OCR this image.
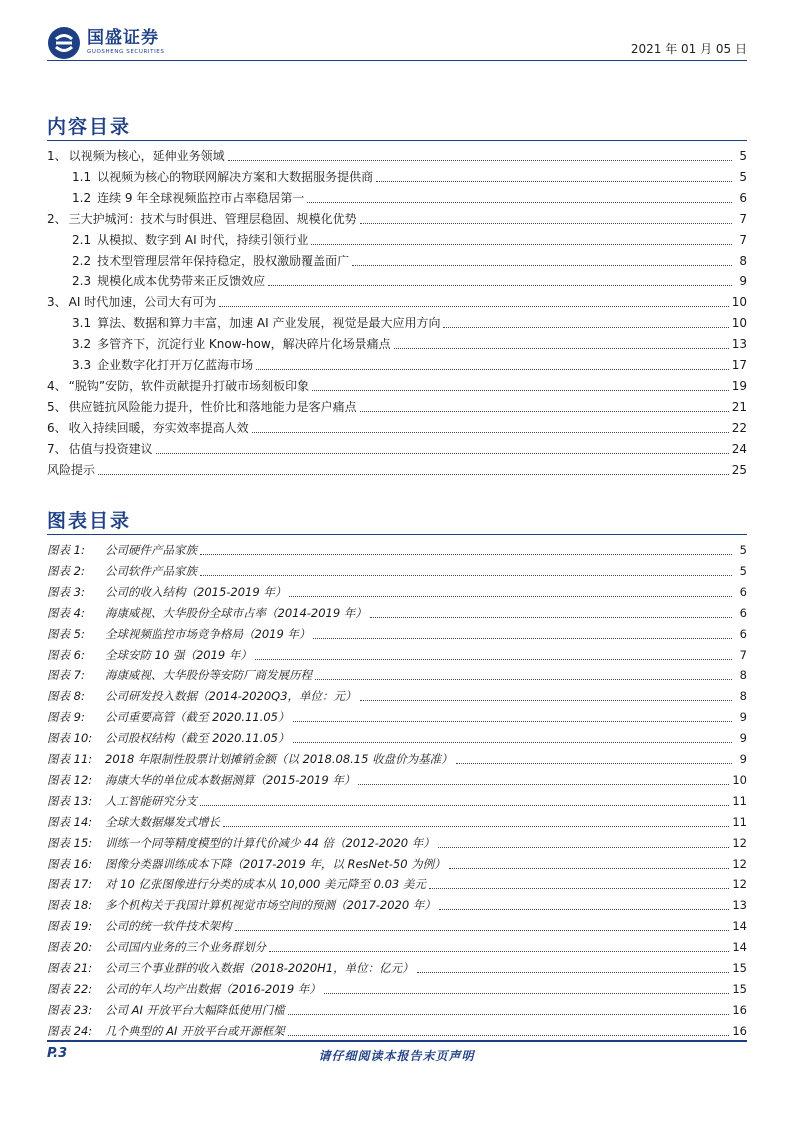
国盛证券
GUOSHENG SECURITIES	2021 年 01 月 05 日
内容目录
1、 以视频为核心，延伸业务领域	5
1.1 以视频为核心的物联网解决方案和大数据服务提供商	5
1.2 连续 9 年全球视频监控市占率稳居第一	6
2、 三大护城河：技术与时俱进、管理层稳固、规模化优势	7
2.1 从模拟、数字到 AI 时代，持续引领行业	7
2.2 技术型管理层常年保持稳定，股权激励覆盖面广	8
2.3 规模化成本优势带来正反馈效应	9
3、 AI 时代加速，公司大有可为	10
3.1 算法、数据和算力丰富，加速 AI 产业发展，视觉是最大应用方向	10
3.2 多管齐下，沉淀行业 Know-how，解决碎片化场景痛点	13
3.3 企业数字化打开万亿蓝海市场	17
4、 “脱钩”安防，软件贡献提升打破市场刻板印象	19
5、 供应链抗风险能力提升，性价比和落地能力是客户痛点	21
6、 收入持续回暖，夯实效率提高人效	22
7、 估值与投资建议	24
风险提示	25
图表目录
图表 1:	公司硬件产品家族	5
图表 2:	公司软件产品家族	5
图表 3:	公司的收入结构（2015-2019 年）	6
图表 4:	海康威视、大华股份全球市占率（2014-2019 年）	6
图表 5:	全球视频监控市场竞争格局（2019 年）	6
图表 6:	全球安防 10 强（2019 年）	7
图表 7:	海康威视、大华股份等安防厂商发展历程	8
图表 8:	公司研发投入数据（2014-2020Q3，单位：元）	8
图表 9:	公司重要高管（截至 2020.11.05）	9
图表 10:	公司股权结构（截至 2020.11.05）	9
图表 11:	2018 年限制性股票计划摊销金额（以 2018.08.15 收盘价为基准）	9
图表 12:	海康大华的单位成本数据测算（2015-2019 年）	10
图表 13:	人工智能研究分支	11
图表 14:	全球大数据爆发式增长	11
图表 15:	训练一个同等精度模型的计算代价减少 44 倍（2012-2020 年）	12
图表 16:	图像分类器训练成本下降（2017-2019 年，以 ResNet-50 为例）	12
图表 17:	对 10 亿张图像进行分类的成本从 10,000 美元降至 0.03 美元	12
图表 18:	多个机构关于我国计算机视觉市场空间的预测（2017-2020 年）	13
图表 19:	公司的统一软件技术架构	14
图表 20:	公司国内业务的三个业务群划分	14
图表 21:	公司三个事业群的收入数据（2018-2020H1，单位：亿元）	15
图表 22:	公司的年人均产出数据（2016-2019 年）	15
图表 23:	公司 AI 开放平台大幅降低使用门槛	16
图表 24:	几个典型的 AI 开放平台或开源框架	16
P.3	请仔细阅读本报告末页声明
